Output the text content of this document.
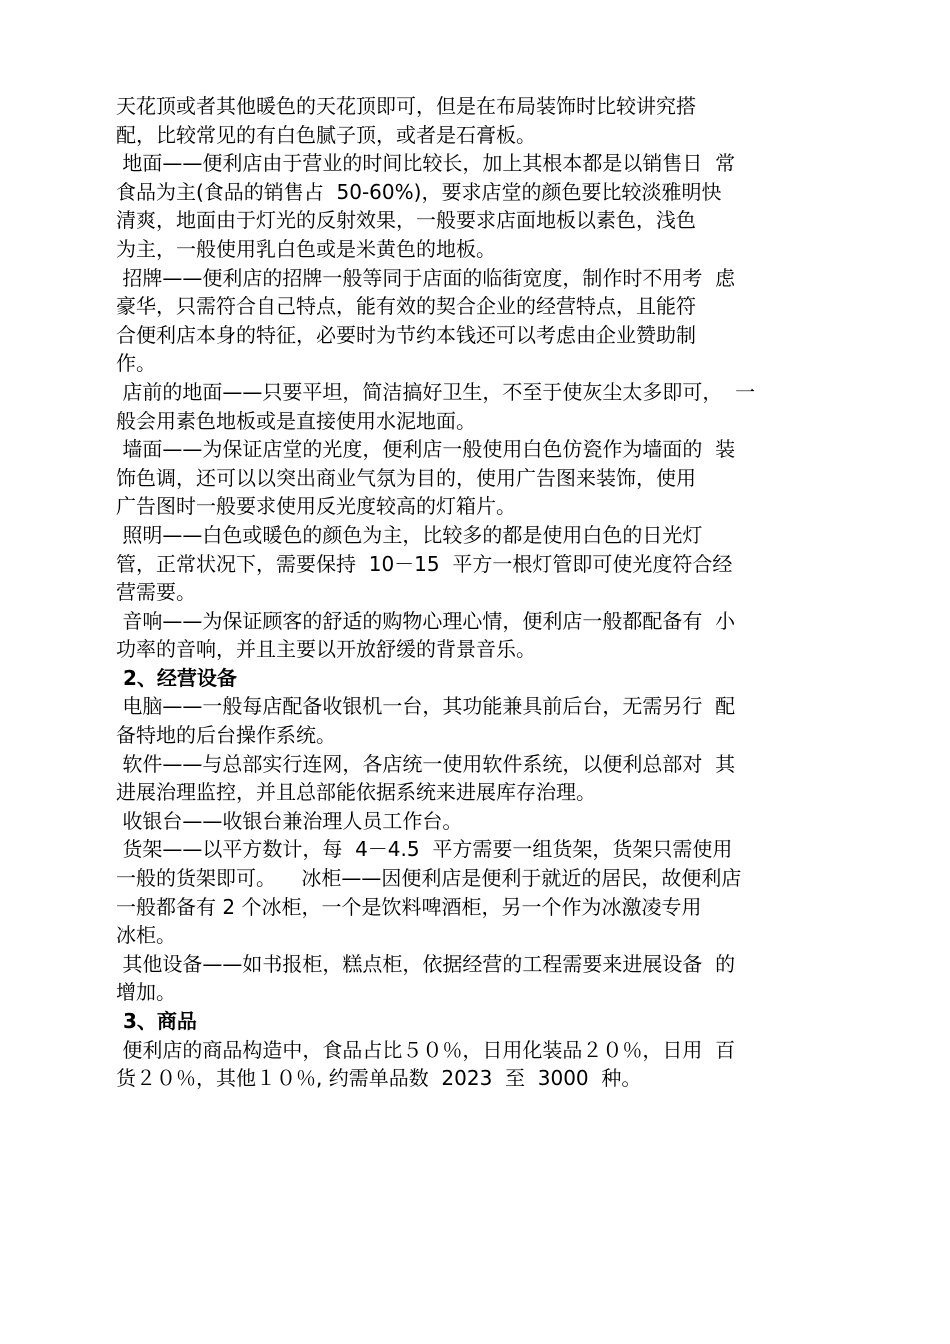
天花顶或者其他暖色的天花顶即可，但是在布局装饰时比较讲究搭
配，比较常见的有白色腻子顶，或者是石膏板。
地面——便利店由于营业的时间比较长，加上其根本都是以销售日  常
食品为主(食品的销售占  50-60%)，要求店堂的颜色要比较淡雅明快
清爽，地面由于灯光的反射效果，一般要求店面地板以素色，浅色
为主，一般使用乳白色或是米黄色的地板。
招牌——便利店的招牌一般等同于店面的临街宽度，制作时不用考  虑
豪华，只需符合自己特点，能有效的契合企业的经营特点，且能符
合便利店本身的特征，必要时为节约本钱还可以考虑由企业赞助制
作。
店前的地面——只要平坦，简洁搞好卫生，不至于使灰尘太多即可，  一
般会用素色地板或是直接使用水泥地面。
墙面——为保证店堂的光度，便利店一般使用白色仿瓷作为墙面的  装
饰色调，还可以以突出商业气氛为目的，使用广告图来装饰，使用
广告图时一般要求使用反光度较高的灯箱片。
照明——白色或暖色的颜色为主，比较多的都是使用白色的日光灯
管，正常状况下，需要保持  10－15  平方一根灯管即可使光度符合经
营需要。
音响——为保证顾客的舒适的购物心理心情，便利店一般都配备有  小
功率的音响，并且主要以开放舒缓的背景音乐。
2、经营设备
电脑——一般每店配备收银机一台，其功能兼具前后台，无需另行  配
备特地的后台操作系统。
软件——与总部实行连网，各店统一使用软件系统，以便利总部对  其
进展治理监控，并且总部能依据系统来进展库存治理。
收银台——收银台兼治理人员工作台。
货架——以平方数计，每  4－4.5  平方需要一组货架，货架只需使用
一般的货架即可。    冰柜——因便利店是便利于就近的居民，故便利店
一般都备有 2 个冰柜，一个是饮料啤酒柜，另一个作为冰激凌专用
冰柜。
其他设备——如书报柜，糕点柜，依据经营的工程需要来进展设备  的
增加。
3、商品
便利店的商品构造中，食品占比５０％，日用化装品２０％，日用  百
货２０％，其他１０％, 约需单品数  2023  至  3000  种。
